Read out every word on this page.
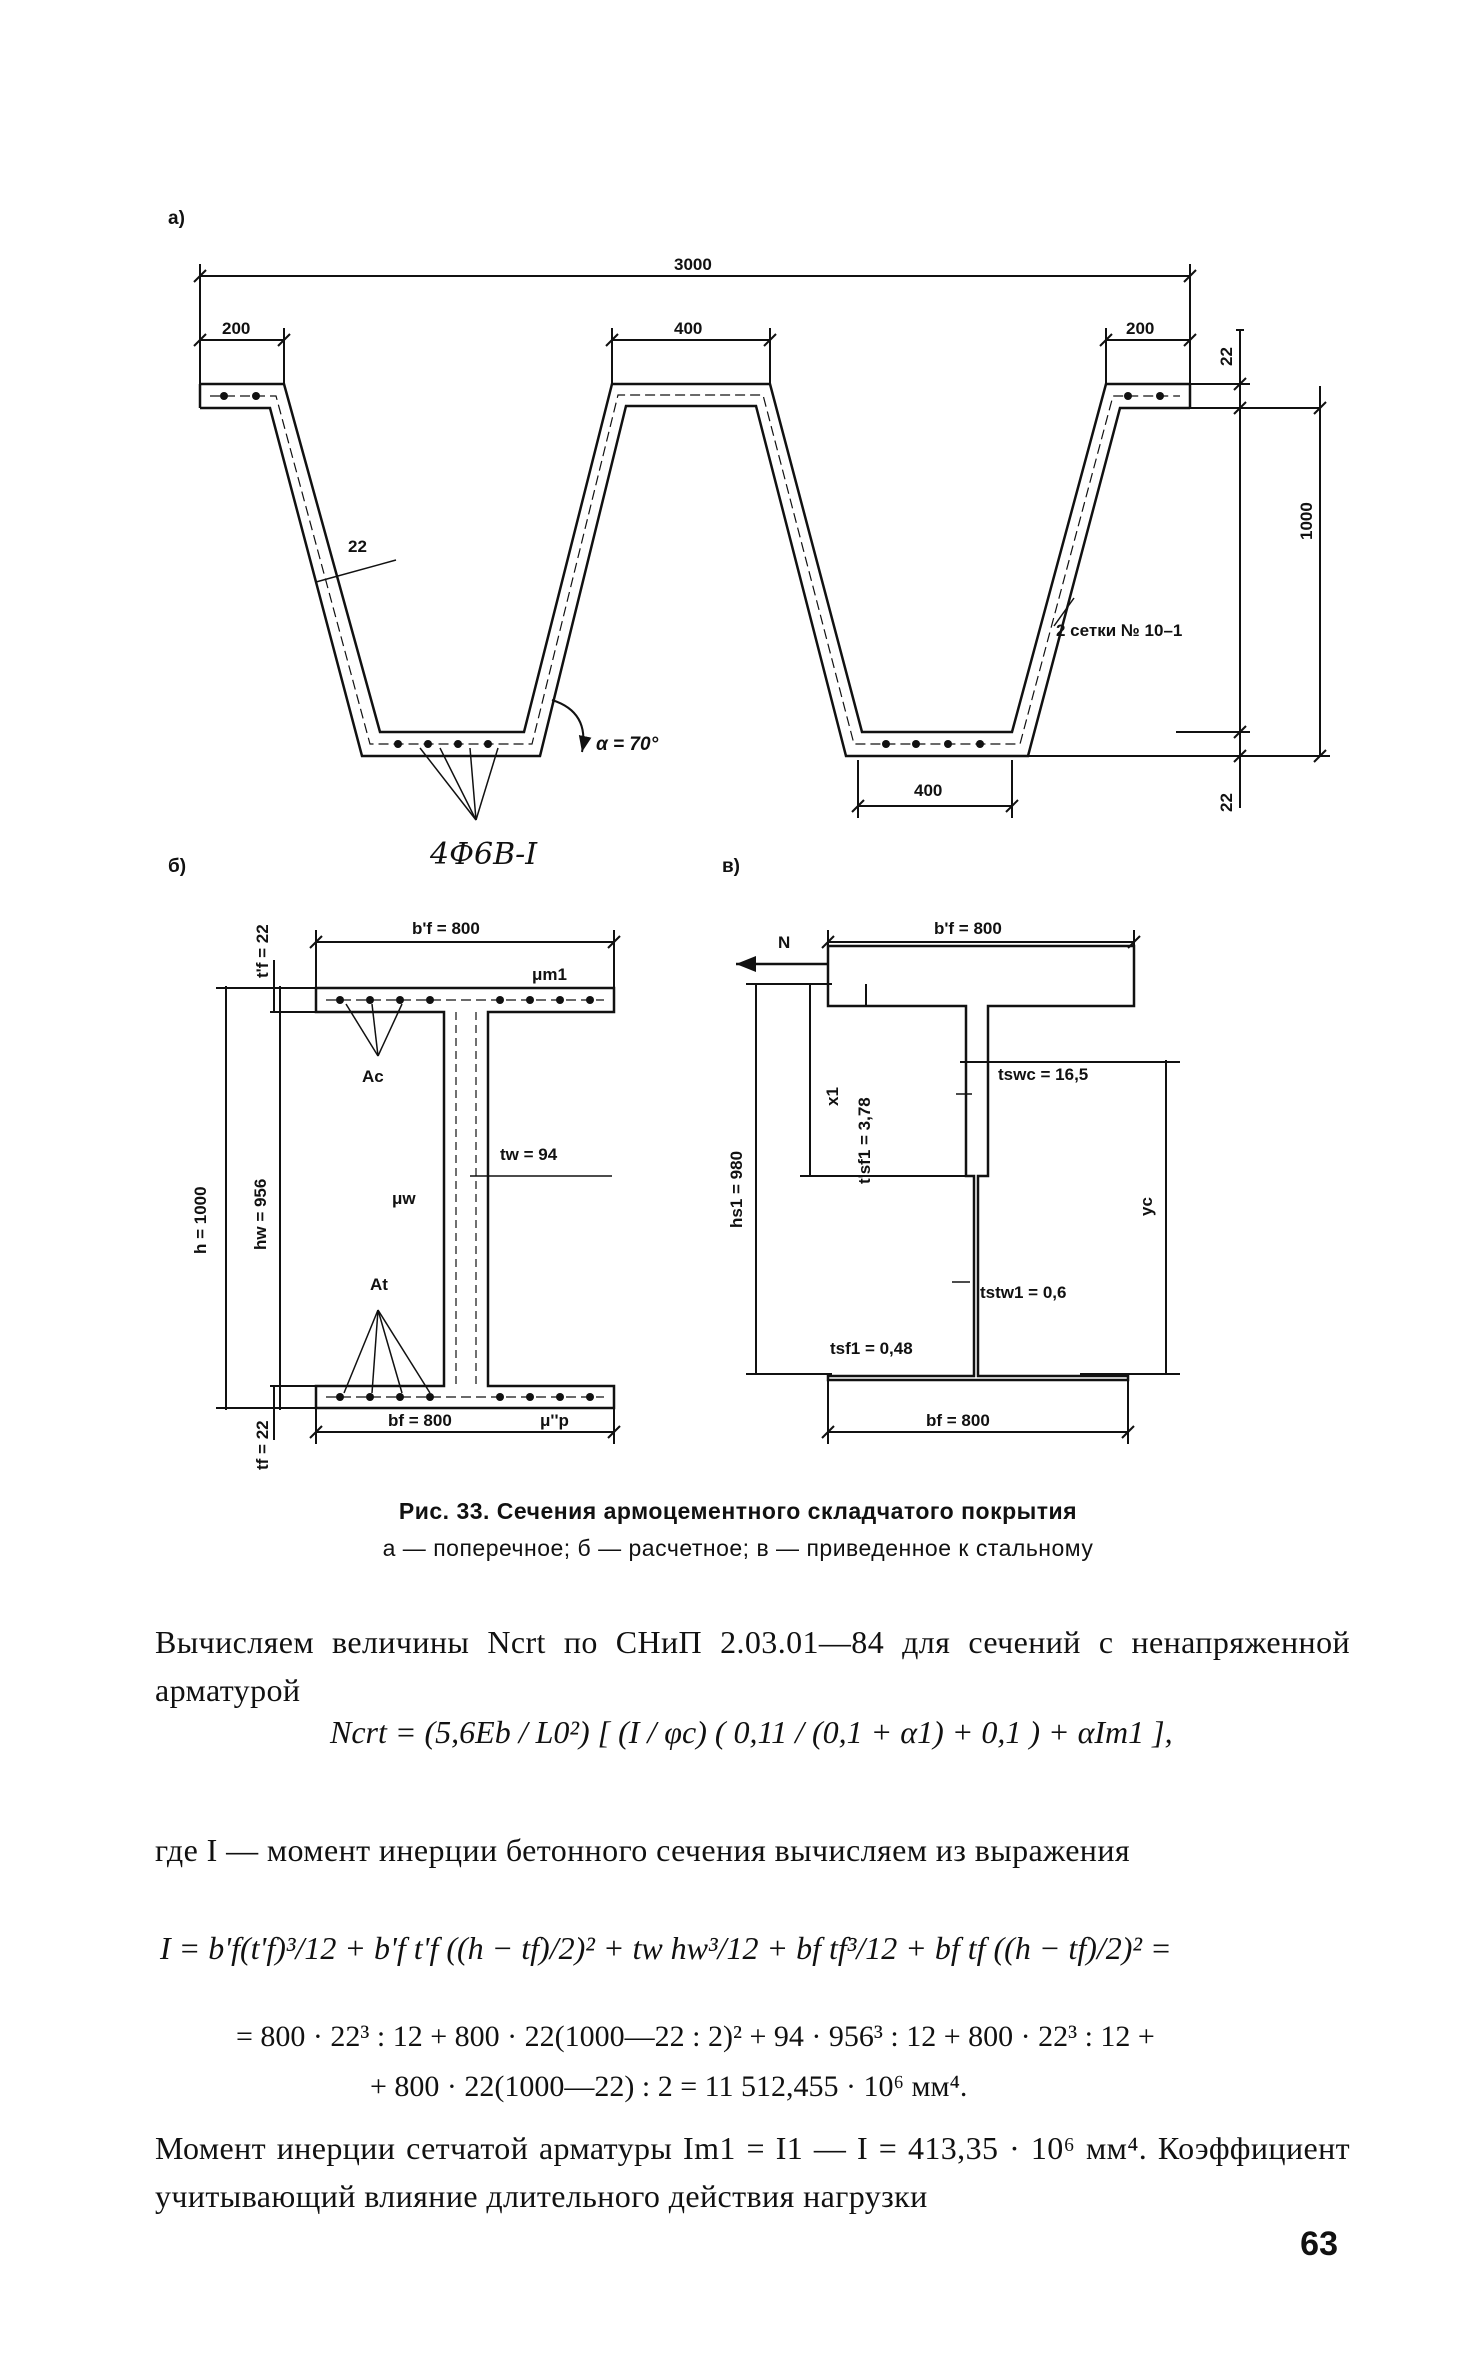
а)
3000
200	400	200
400
22
1000
22
22
α = 70°
2 сетки № 10–1
4Ф6В-I
б)
b'f = 800
μm1
t'f = 22
h = 1000 hw = 956
Ac
tw = 94
μw
At
bf = 800	μ''p
tf = 22
в)
N
b'f = 800
x1
t'sf1 = 3,78
hs1 = 980
tswc = 16,5
yc
tstw1 = 0,6
tsf1 = 0,48
bf = 800
Рис. 33. Сечения армоцементного складчатого покрытия
а — поперечное; б — расчетное; в — приведенное к стальному
Вычисляем величины Ncrt по СНиП 2.03.01—84 для сечений с ненапряженной арматурой
Ncrt = (5,6Eb / L0²) [ (I / φc) ( 0,11 / (0,1 + α1) + 0,1 ) + αIm1 ],
где I — момент инерции бетонного сечения вычисляем из выражения
I = b'f(t'f)³/12 + b'f t'f ((h − tf)/2)² + tw hw³/12 + bf tf³/12 + bf tf ((h − tf)/2)² =
= 800 · 22³ : 12 + 800 · 22(1000—22 : 2)² + 94 · 956³ : 12 + 800 · 22³ : 12 +
+ 800 · 22(1000—22) : 2 = 11 512,455 · 10⁶ мм⁴.
Момент инерции сетчатой арматуры Im1 = I1 — I = 413,35 · 10⁶ мм⁴. Коэффициент учитывающий влияние длительного действия нагрузки
63
